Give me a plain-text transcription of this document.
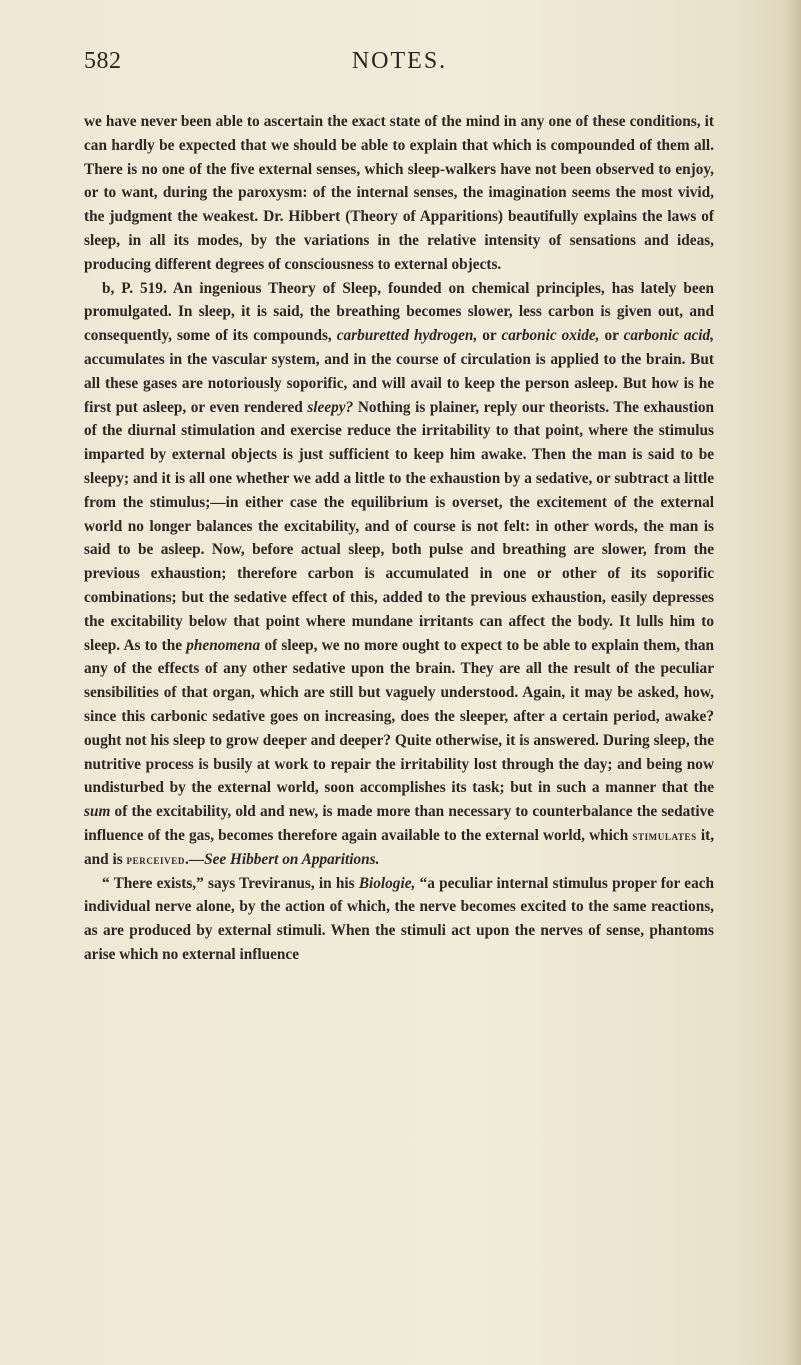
582	NOTES.

we have never been able to ascertain the exact state of the mind in any one of these conditions, it can hardly be expected that we should be able to explain that which is compounded of them all. There is no one of the five external senses, which sleep-walkers have not been observed to enjoy, or to want, during the paroxysm: of the internal senses, the imagination seems the most vivid, the judgment the weakest. Dr. Hibbert (Theory of Apparitions) beautifully explains the laws of sleep, in all its modes, by the variations in the relative intensity of sensations and ideas, producing different degrees of consciousness to external objects.

b, P. 519. An ingenious Theory of Sleep, founded on chemical principles, has lately been promulgated. In sleep, it is said, the breathing becomes slower, less carbon is given out, and consequently, some of its compounds, carburetted hydrogen, or carbonic oxide, or carbonic acid, accumulates in the vascular system, and in the course of circulation is applied to the brain. But all these gases are notoriously soporific, and will avail to keep the person asleep. But how is he first put asleep, or even rendered sleepy? Nothing is plainer, reply our theorists. The exhaustion of the diurnal stimulation and exercise reduce the irritability to that point, where the stimulus imparted by external objects is just sufficient to keep him awake. Then the man is said to be sleepy; and it is all one whether we add a little to the exhaustion by a sedative, or subtract a little from the stimulus;—in either case the equilibrium is overset, the excitement of the external world no longer balances the excitability, and of course is not felt: in other words, the man is said to be asleep. Now, before actual sleep, both pulse and breathing are slower, from the previous exhaustion; therefore carbon is accumulated in one or other of its soporific combinations; but the sedative effect of this, added to the previous exhaustion, easily depresses the excitability below that point where mundane irritants can affect the body. It lulls him to sleep. As to the phenomena of sleep, we no more ought to expect to be able to explain them, than any of the effects of any other sedative upon the brain. They are all the result of the peculiar sensibilities of that organ, which are still but vaguely understood. Again, it may be asked, how, since this carbonic sedative goes on increasing, does the sleeper, after a certain period, awake? ought not his sleep to grow deeper and deeper? Quite otherwise, it is answered. During sleep, the nutritive process is busily at work to repair the irritability lost through the day; and being now undisturbed by the external world, soon accomplishes its task; but in such a manner that the sum of the excitability, old and new, is made more than necessary to counterbalance the sedative influence of the gas, becomes therefore again available to the external world, which stimulates it, and is perceived.—See Hibbert on Apparitions.

“ There exists,” says Treviranus, in his Biologie, “a peculiar internal stimulus proper for each individual nerve alone, by the action of which, the nerve becomes excited to the same reactions, as are produced by external stimuli. When the stimuli act upon the nerves of sense, phantoms arise which no external influence
